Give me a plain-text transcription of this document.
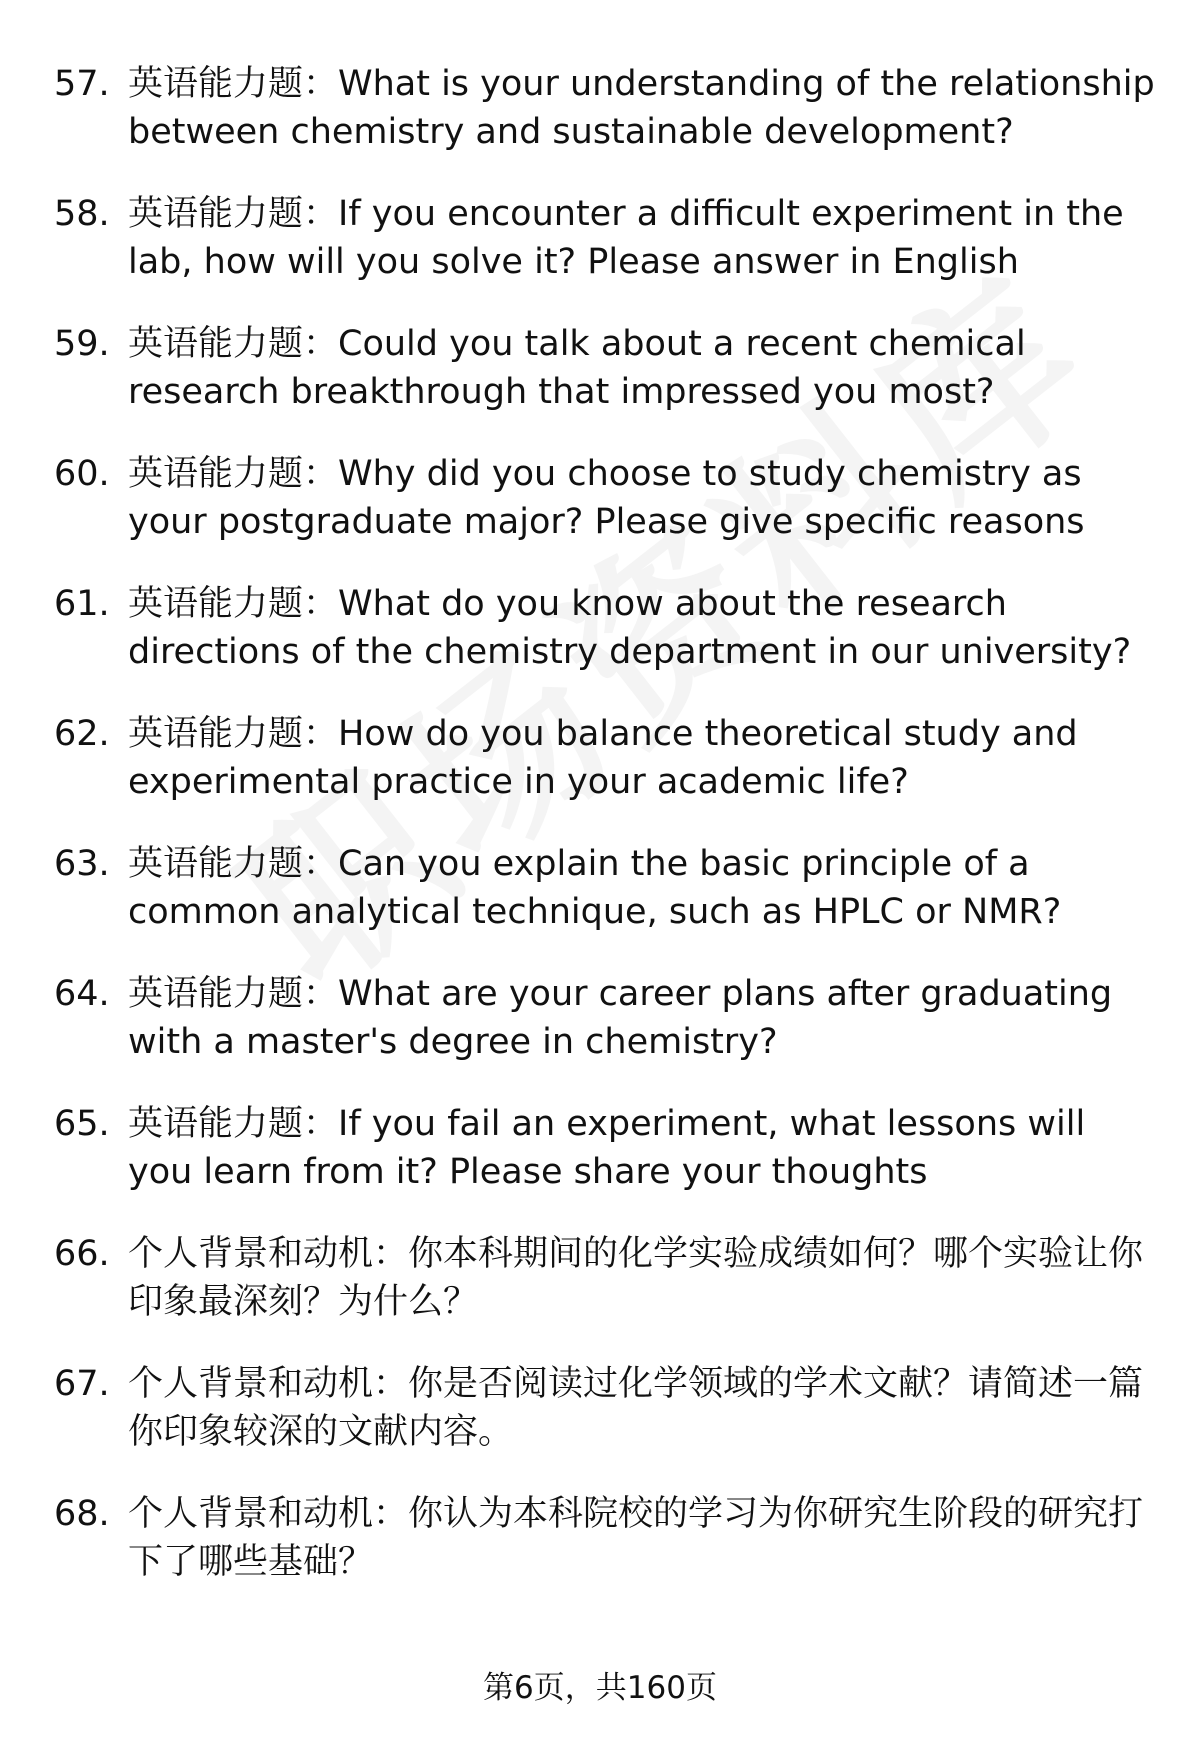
57. 英语能力题：What is your understanding of the relationship between chemistry and sustainable development?
58. 英语能力题：If you encounter a difficult experiment in the lab, how will you solve it? Please answer in English
59. 英语能力题：Could you talk about a recent chemical research breakthrough that impressed you most?
60. 英语能力题：Why did you choose to study chemistry as your postgraduate major? Please give specific reasons
61. 英语能力题：What do you know about the research directions of the chemistry department in our university?
62. 英语能力题：How do you balance theoretical study and experimental practice in your academic life?
63. 英语能力题：Can you explain the basic principle of a common analytical technique, such as HPLC or NMR?
64. 英语能力题：What are your career plans after graduating with a master's degree in chemistry?
65. 英语能力题：If you fail an experiment, what lessons will you learn from it? Please share your thoughts
66. 个人背景和动机：你本科期间的化学实验成绩如何？哪个实验让你印象最深刻？为什么？
67. 个人背景和动机：你是否阅读过化学领域的学术文献？请简述一篇你印象较深的文献内容。
68. 个人背景和动机：你认为本科院校的学习为你研究生阶段的研究打下了哪些基础？
第6页，共160页
